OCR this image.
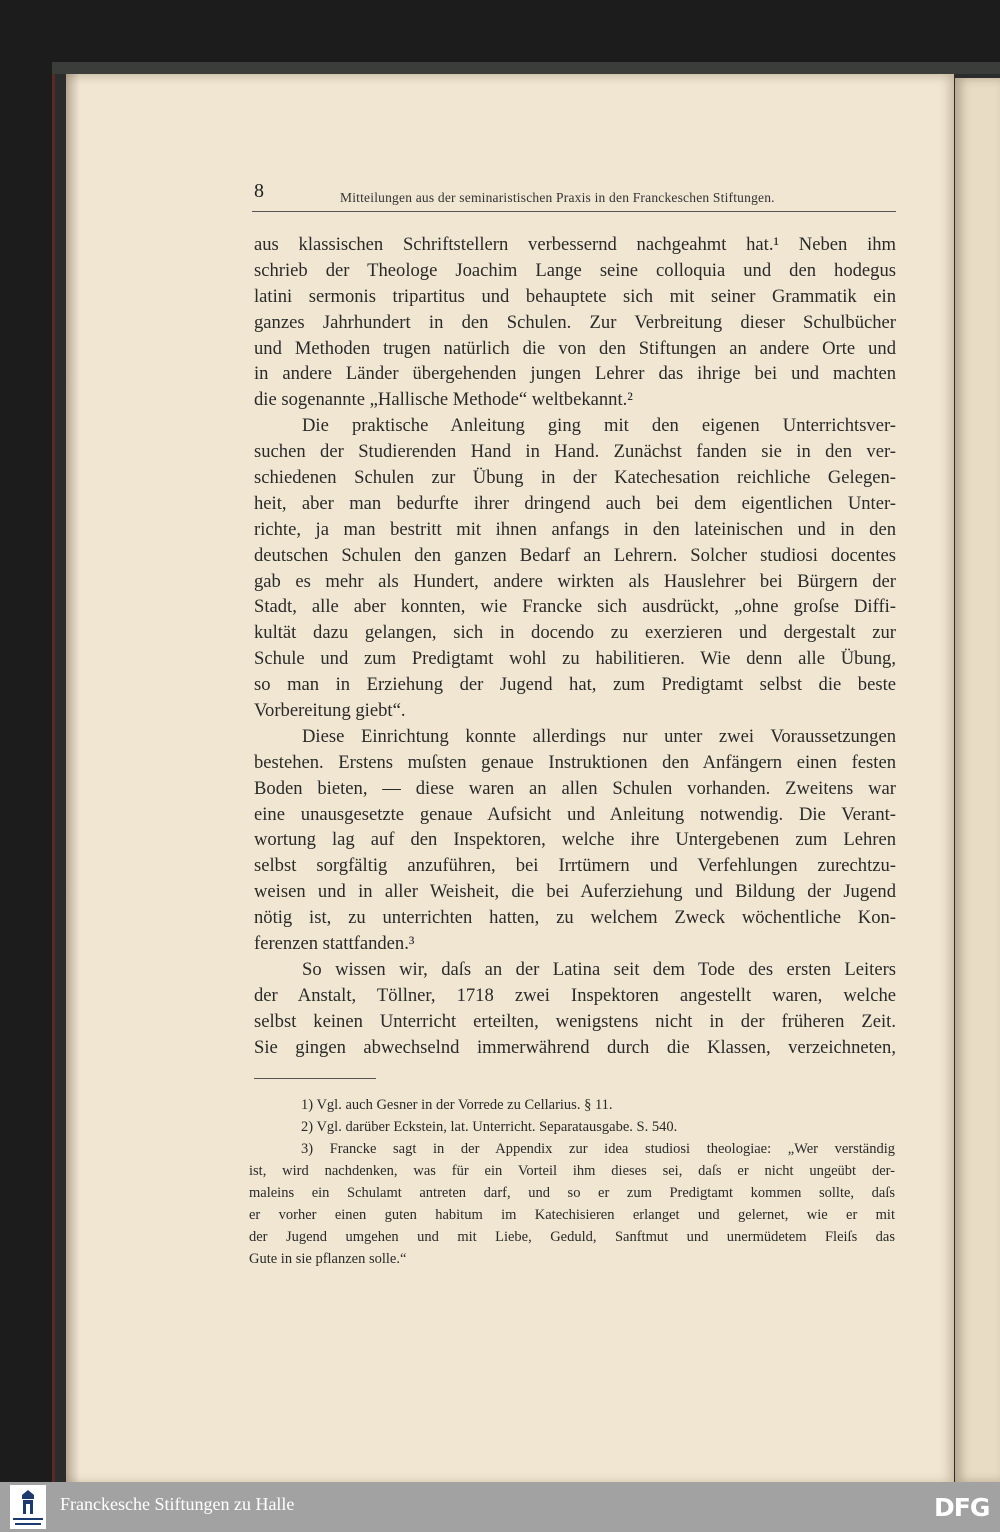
8	Mitteilungen aus der seminaristischen Praxis in den Franckeschen Stiftungen.
aus klassischen Schriftstellern verbessernd nachgeahmt hat.¹ Neben ihm
schrieb der Theologe Joachim Lange seine colloquia und den hodegus
latini sermonis tripartitus und behauptete sich mit seiner Grammatik ein
ganzes Jahrhundert in den Schulen. Zur Verbreitung dieser Schulbücher
und Methoden trugen natürlich die von den Stiftungen an andere Orte und
in andere Länder übergehenden jungen Lehrer das ihrige bei und machten
die sogenannte „Hallische Methode“ weltbekannt.²
Die praktische Anleitung ging mit den eigenen Unterrichtsver-
suchen der Studierenden Hand in Hand. Zunächst fanden sie in den ver-
schiedenen Schulen zur Übung in der Katechesation reichliche Gelegen-
heit, aber man bedurfte ihrer dringend auch bei dem eigentlichen Unter-
richte, ja man bestritt mit ihnen anfangs in den lateinischen und in den
deutschen Schulen den ganzen Bedarf an Lehrern. Solcher studiosi docentes
gab es mehr als Hundert, andere wirkten als Hauslehrer bei Bürgern der
Stadt, alle aber konnten, wie Francke sich ausdrückt, „ohne groſse Diffi-
kultät dazu gelangen, sich in docendo zu exerzieren und dergestalt zur
Schule und zum Predigtamt wohl zu habilitieren. Wie denn alle Übung,
so man in Erziehung der Jugend hat, zum Predigtamt selbst die beste
Vorbereitung giebt“.
Diese Einrichtung konnte allerdings nur unter zwei Voraussetzungen
bestehen. Erstens muſsten genaue Instruktionen den Anfängern einen festen
Boden bieten, — diese waren an allen Schulen vorhanden. Zweitens war
eine unausgesetzte genaue Aufsicht und Anleitung notwendig. Die Verant-
wortung lag auf den Inspektoren, welche ihre Untergebenen zum Lehren
selbst sorgfältig anzuführen, bei Irrtümern und Verfehlungen zurechtzu-
weisen und in aller Weisheit, die bei Auferziehung und Bildung der Jugend
nötig ist, zu unterrichten hatten, zu welchem Zweck wöchentliche Kon-
ferenzen stattfanden.³
So wissen wir, daſs an der Latina seit dem Tode des ersten Leiters
der Anstalt, Töllner, 1718 zwei Inspektoren angestellt waren, welche
selbst keinen Unterricht erteilten, wenigstens nicht in der früheren Zeit.
Sie gingen abwechselnd immerwährend durch die Klassen, verzeichneten,
1) Vgl. auch Gesner in der Vorrede zu Cellarius. § 11.
2) Vgl. darüber Eckstein, lat. Unterricht. Separatausgabe. S. 540.
3) Francke sagt in der Appendix zur idea studiosi theologiae: „Wer verständig
ist, wird nachdenken, was für ein Vorteil ihm dieses sei, daſs er nicht ungeübt der-
maleins ein Schulamt antreten darf, und so er zum Predigtamt kommen sollte, daſs
er vorher einen guten habitum im Katechisieren erlanget und gelernet, wie er mit
der Jugend umgehen und mit Liebe, Geduld, Sanftmut und unermüdetem Fleiſs das
Gute in sie pflanzen solle.“
Franckesche Stiftungen zu Halle	DFG
